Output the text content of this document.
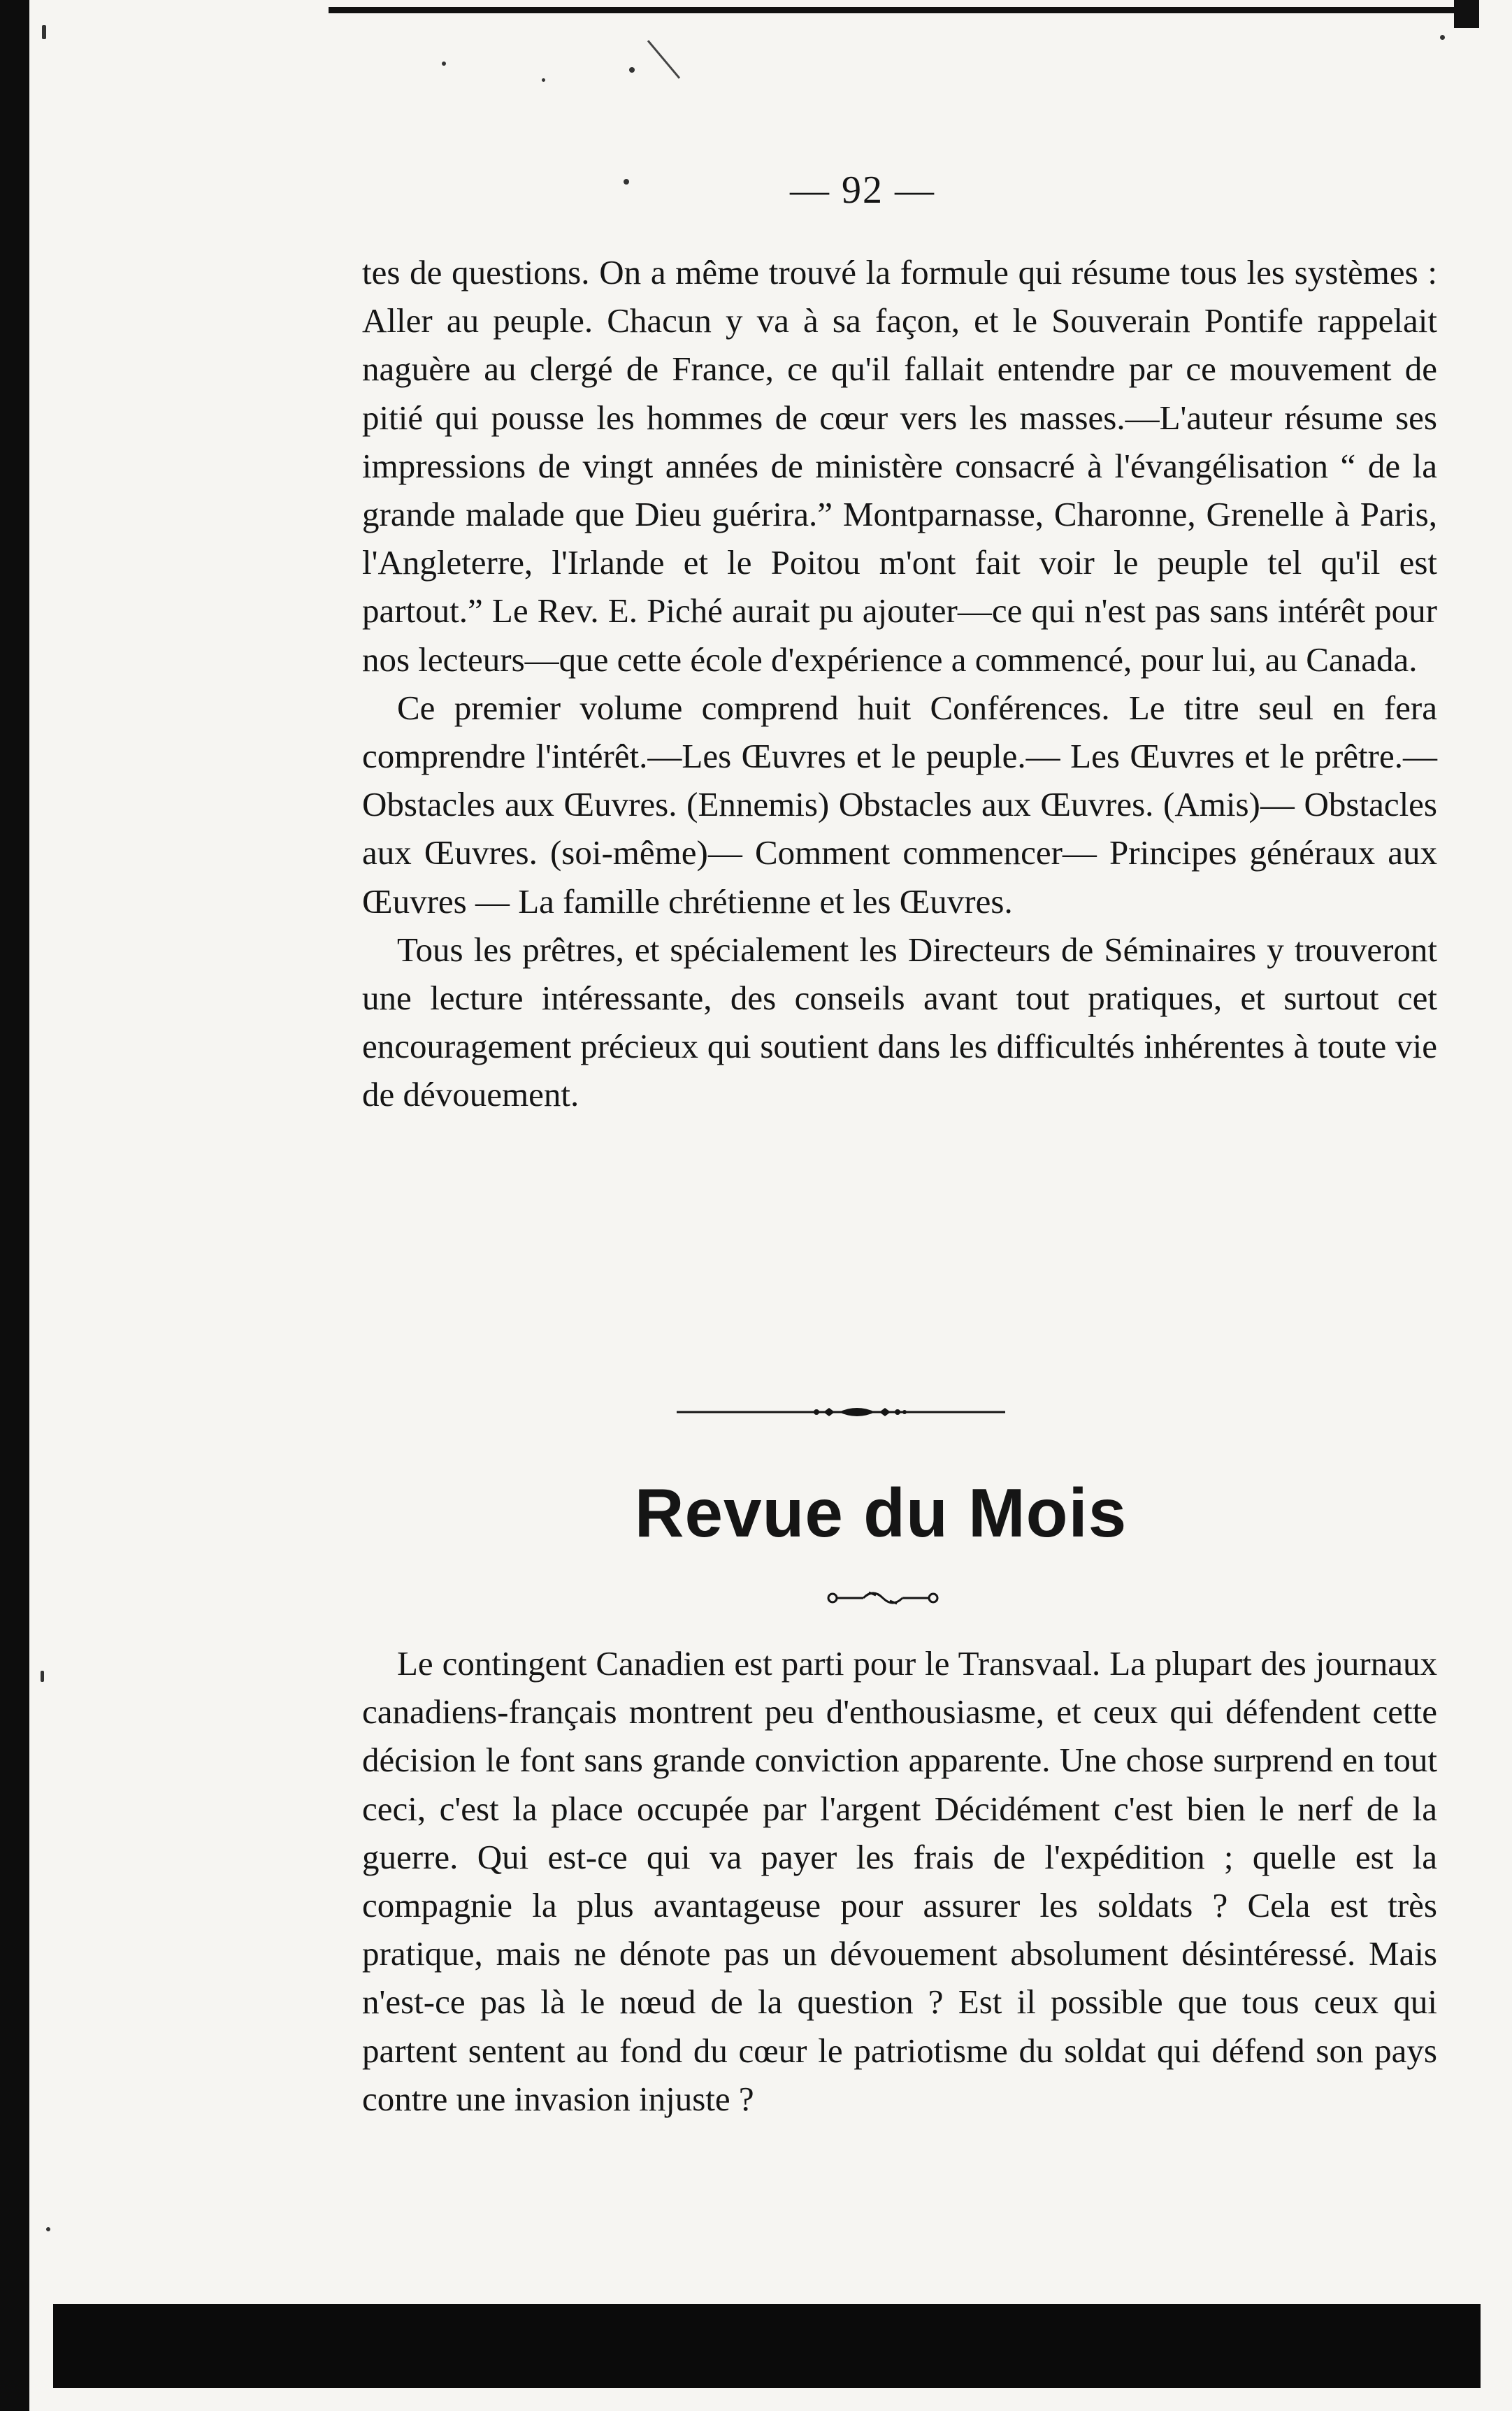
— 92 —

tes de questions. On a même trouvé la formule qui résume tous les systèmes : Aller au peuple. Chacun y va à sa façon, et le Souverain Pontife rappelait naguère au clergé de France, ce qu'il fallait entendre par ce mouvement de pitié qui pousse les hommes de cœur vers les masses.—L'auteur résume ses impressions de vingt années de ministère consacré à l'évangélisation “ de la grande malade que Dieu guérira.” Montparnasse, Charonne, Grenelle à Paris, l'Angleterre, l'Irlande et le Poitou m'ont fait voir le peuple tel qu'il est partout.” Le Rev. E. Piché aurait pu ajouter—ce qui n'est pas sans intérêt pour nos lecteurs—que cette école d'expérience a commencé, pour lui, au Canada.

Ce premier volume comprend huit Conférences. Le titre seul en fera comprendre l'intérêt.—Les Œuvres et le peuple.— Les Œuvres et le prêtre.— Obstacles aux Œuvres. (Ennemis) Obstacles aux Œuvres. (Amis)— Obstacles aux Œuvres. (soi-même)— Comment commencer— Principes généraux aux Œuvres — La famille chrétienne et les Œuvres.

Tous les prêtres, et spécialement les Directeurs de Séminaires y trouveront une lecture intéressante, des conseils avant tout pratiques, et surtout cet encouragement précieux qui soutient dans les difficultés inhérentes à toute vie de dévouement.

Revue du Mois

Le contingent Canadien est parti pour le Transvaal. La plupart des journaux canadiens-français montrent peu d'enthousiasme, et ceux qui défendent cette décision le font sans grande conviction apparente. Une chose surprend en tout ceci, c'est la place occupée par l'argent Décidément c'est bien le nerf de la guerre. Qui est-ce qui va payer les frais de l'expédition ; quelle est la compagnie la plus avantageuse pour assurer les soldats ? Cela est très pratique, mais ne dénote pas un dévouement absolument désintéressé. Mais n'est-ce pas là le nœud de la question ? Est il possible que tous ceux qui partent sentent au fond du cœur le patriotisme du soldat qui défend son pays contre une invasion injuste ?
